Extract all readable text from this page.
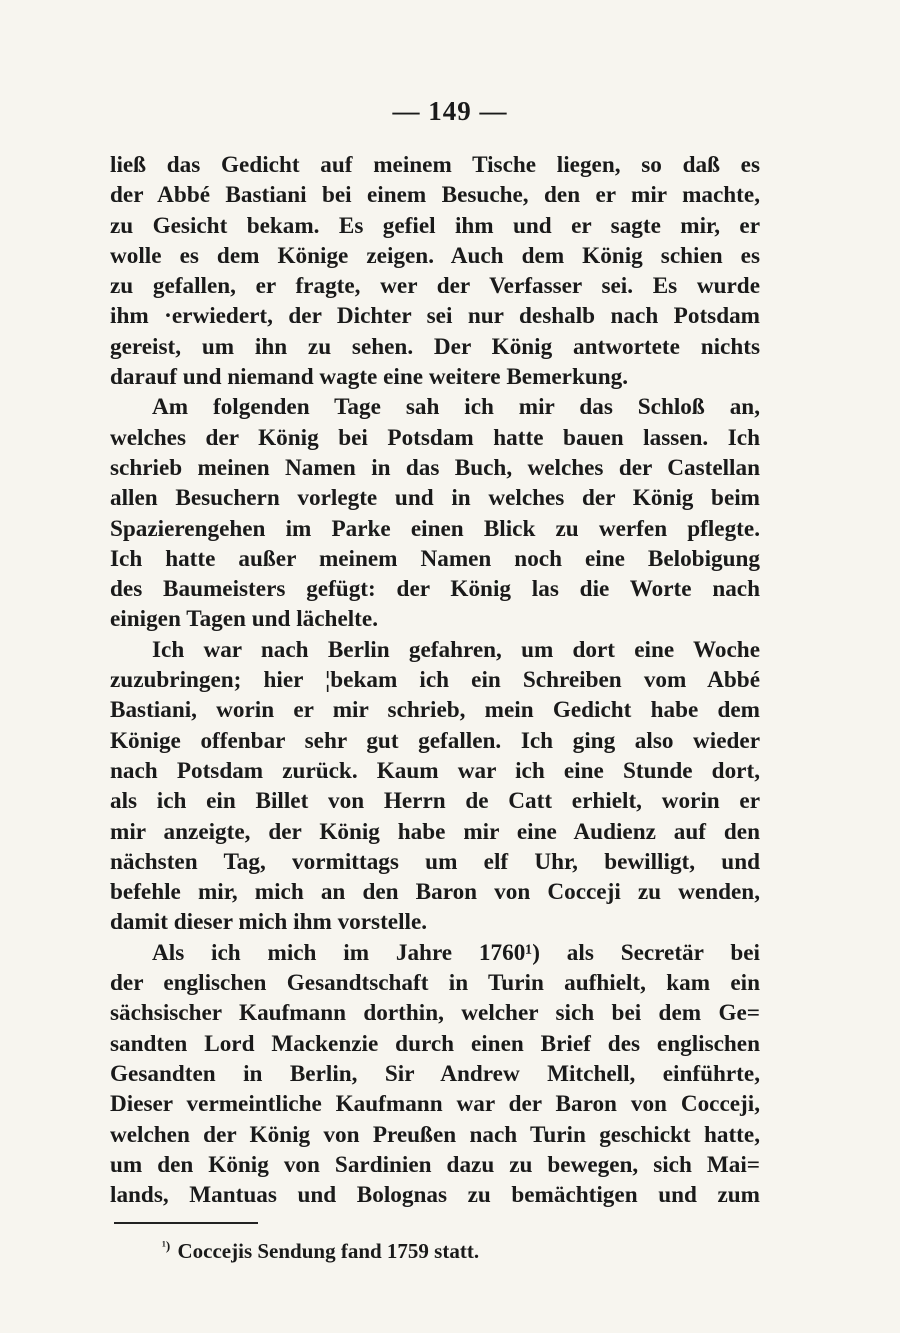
— 149 —
ließ das Gedicht auf meinem Tische liegen, so daß es
der Abbé Bastiani bei einem Besuche, den er mir machte,
zu Gesicht bekam. Es gefiel ihm und er sagte mir, er
wolle es dem Könige zeigen. Auch dem König schien es
zu gefallen, er fragte, wer der Verfasser sei. Es wurde
ihm ·erwiedert, der Dichter sei nur deshalb nach Potsdam
gereist, um ihn zu sehen. Der König antwortete nichts
darauf und niemand wagte eine weitere Bemerkung.
Am folgenden Tage sah ich mir das Schloß an,
welches der König bei Potsdam hatte bauen lassen. Ich
schrieb meinen Namen in das Buch, welches der Castellan
allen Besuchern vorlegte und in welches der König beim
Spazierengehen im Parke einen Blick zu werfen pflegte.
Ich hatte außer meinem Namen noch eine Belobigung
des Baumeisters gefügt: der König las die Worte nach
einigen Tagen und lächelte.
Ich war nach Berlin gefahren, um dort eine Woche
zuzubringen; hier ¦bekam ich ein Schreiben vom Abbé
Bastiani, worin er mir schrieb, mein Gedicht habe dem
Könige offenbar sehr gut gefallen. Ich ging also wieder
nach Potsdam zurück. Kaum war ich eine Stunde dort,
als ich ein Billet von Herrn de Catt erhielt, worin er
mir anzeigte, der König habe mir eine Audienz auf den
nächsten Tag, vormittags um elf Uhr, bewilligt, und
befehle mir, mich an den Baron von Cocceji zu wenden,
damit dieser mich ihm vorstelle.
Als ich mich im Jahre 1760¹) als Secretär bei
der englischen Gesandtschaft in Turin aufhielt, kam ein
sächsischer Kaufmann dorthin, welcher sich bei dem Ge=
sandten Lord Mackenzie durch einen Brief des englischen
Gesandten in Berlin, Sir Andrew Mitchell, einführte,
Dieser vermeintliche Kaufmann war der Baron von Cocceji,
welchen der König von Preußen nach Turin geschickt hatte,
um den König von Sardinien dazu zu bewegen, sich Mai=
lands, Mantuas und Bolognas zu bemächtigen und zum
$^{^1)}$ Coccejis Sendung fand 1759 statt.
